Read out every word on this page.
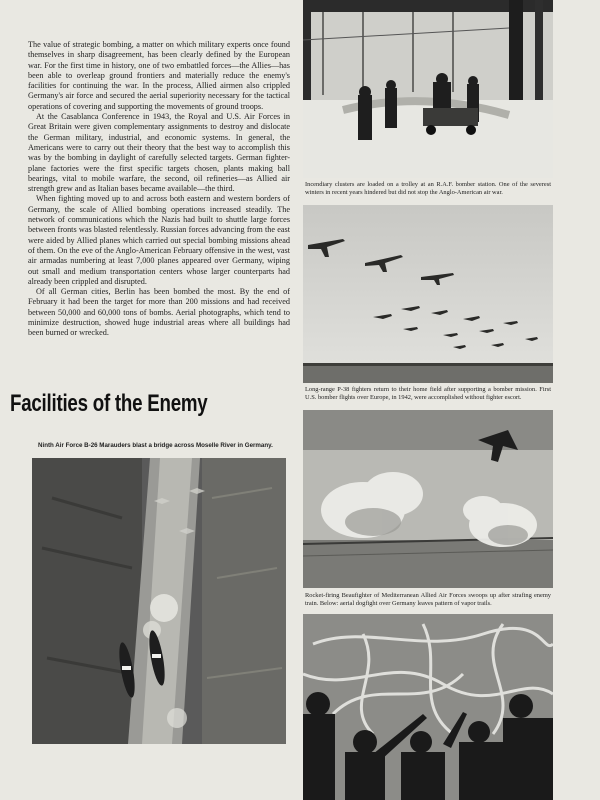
The value of strategic bombing, a matter on which military experts once found themselves in sharp disagreement, has been clearly defined by the European war. For the first time in history, one of two embattled forces—the Allies—has been able to overleap ground frontiers and materially reduce the enemy's facilities for continuing the war. In the process, Allied airmen also crippled Germany's air force and secured the aerial superiority necessary for the tactical operations of covering and supporting the movements of ground troops.

At the Casablanca Conference in 1943, the Royal and U.S. Air Forces in Great Britain were given complementary assignments to destroy and dislocate the German military, industrial, and economic systems. In general, the Americans were to carry out their theory that the best way to accomplish this was by the bombing in daylight of carefully selected targets. German fighter-plane factories were the first specific targets chosen, plants making ball bearings, vital to mobile warfare, the second, oil refineries—as Allied air strength grew and as Italian bases became available—the third.

When fighting moved up to and across both eastern and western borders of Germany, the scale of Allied bombing operations increased steadily. The network of communications which the Nazis had built to shuttle large forces between fronts was blasted relentlessly. Russian forces advancing from the east were aided by Allied planes which carried out special bombing missions ahead of them. On the eve of the Anglo-American February offensive in the west, vast air armadas numbering at least 7,000 planes appeared over Germany, wiping out small and medium transportation centers whose larger counterparts had already been crippled and disrupted.

Of all German cities, Berlin has been bombed the most. By the end of February it had been the target for more than 200 missions and had received between 50,000 and 60,000 tons of bombs. Aerial photographs, which tend to minimize destruction, showed huge industrial areas where all buildings had been burned or wrecked.

Facilities of the Enemy
Ninth Air Force B-26 Marauders blast a bridge across Moselle River in Germany.
Incendiary clusters are loaded on a trolley at an R.A.F. bomber station. One of the severest winters in recent years hindered but did not stop the Anglo-American air war.
Long-range P-38 fighters return to their home field after supporting a bomber mission. First U.S. bomber flights over Europe, in 1942, were accomplished without fighter escort.
Rocket-firing Beaufighter of Mediterranean Allied Air Forces swoops up after strafing enemy train. Below: aerial dogfight over Germany leaves pattern of vapor trails.
